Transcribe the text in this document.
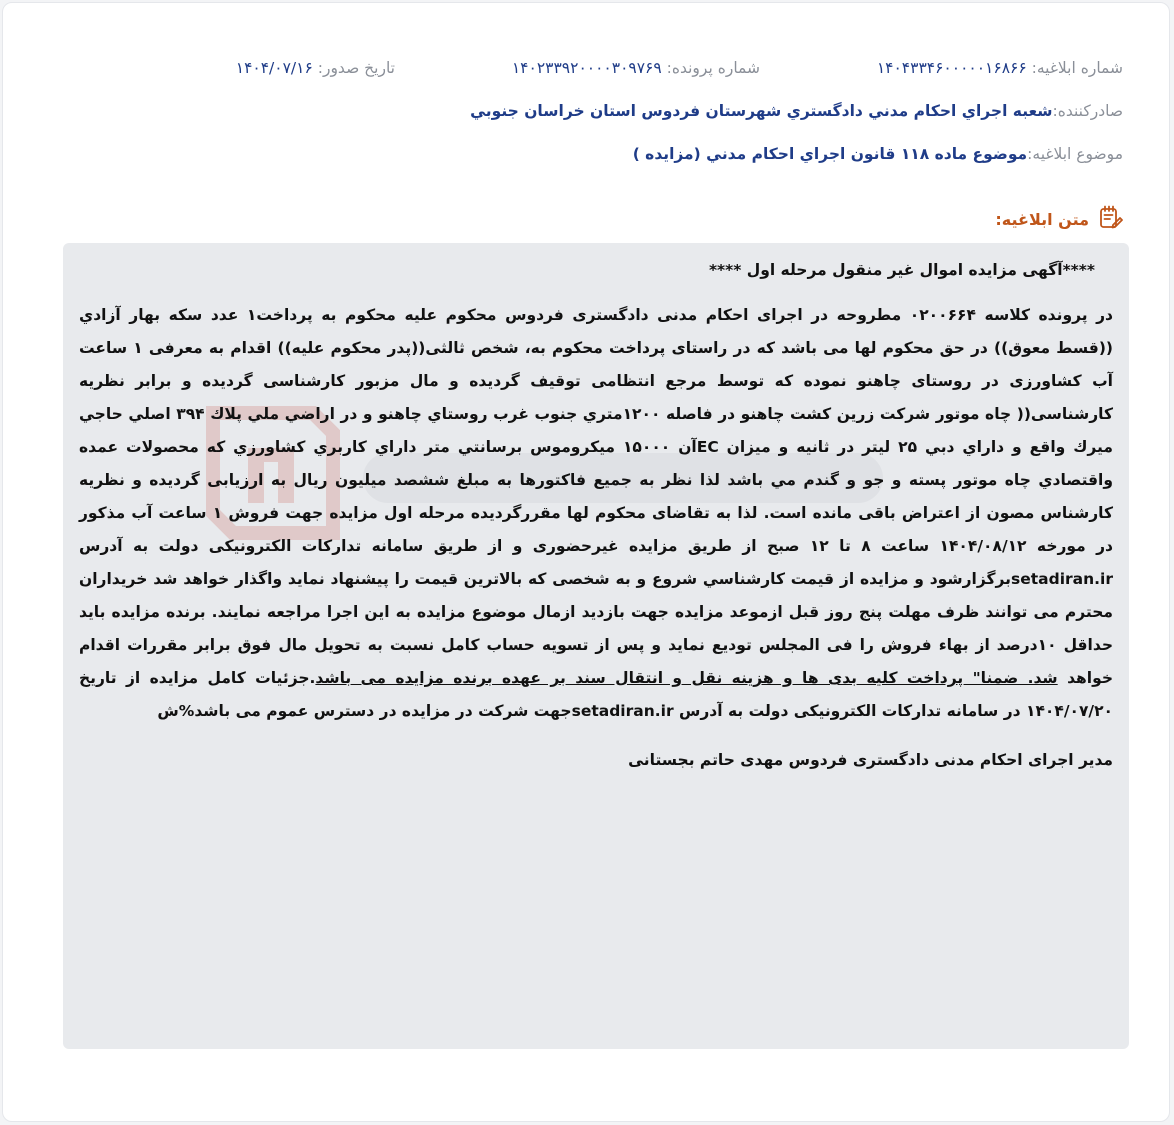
شماره ابلاغیه: ۱۴۰۴۳۳۴۶۰۰۰۰۰۱۶۸۶۶
شماره پرونده: ۱۴۰۲۳۳۹۲۰۰۰۰۳۰۹۷۶۹
تاریخ صدور: ۱۴۰۴/۰۷/۱۶
صادرکننده:
شعبه اجراي احکام مدني دادگستري شهرستان فردوس استان خراسان جنوبي
موضوع ابلاغیه:
موضوع ماده ۱۱۸ قانون اجراي احکام مدني (مزايده )
متن ابلاغیه:
****آگهی مزایده اموال غیر منقول مرحله اول ****

در پرونده کلاسه ۰۲۰۰۶۶۴ مطروحه در اجرای احکام مدنی دادگستری فردوس محکوم علیه محکوم به پرداخت۱ عدد سکه بهار آزادي ((قسط معوق)) در حق محکوم لها می باشد که در راستای پرداخت محکوم به، شخص ثالثی((پدر محکوم علیه)) اقدام به معرفی ۱ ساعت آب کشاورزی در روستای چاهنو نموده که توسط مرجع انتظامی توقیف گردیده و مال مزبور کارشناسی گردیده و برابر نظریه کارشناسی(( چاه موتور شرکت زرين كشت چاهنو در فاصله ۱۲۰۰متري جنوب غرب روستاي چاهنو و در اراضي ملي پلاك ۳۹۴ اصلي حاجي ميرك واقع و داراي دبي ۲۵ ليتر در ثانيه و ميزان ECآن ۱۵۰۰۰ ميكروموس برسانتي متر داراي كاربري كشاورزي كه محصولات عمده واقتصادي چاه موتور پسته و جو و گندم مي باشد لذا نظر به جمیع فاکتورها به مبلغ ششصد میلیون ریال به ارزیابی گردیده و نظریه کارشناس مصون از اعتراض باقی مانده است. لذا به تقاضای محکوم لها مقررگردیده مرحله اول مزایده جهت فروش ۱ ساعت آب مذکور در مورخه ۱۴۰۴/۰۸/۱۲ ساعت ۸ تا ۱۲ صبح از طریق مزایده غیرحضوری و از طریق سامانه تدارکات الکترونیکی دولت به آدرس setadiran.irبرگزارشود و مزایده از قیمت کارشناسي شروع و به شخصی که بالاترین قیمت را پیشنهاد نماید واگذار خواهد شد خریداران محترم می توانند ظرف مهلت پنج روز قبل ازموعد مزایده جهت بازدید ازمال موضوع مزایده به این اجرا مراجعه نمایند. برنده مزایده باید حداقل ۱۰درصد از بهاء فروش را فی المجلس تودیع نماید و پس از تسویه حساب کامل نسبت به تحویل مال فوق برابر مقررات اقدام خواهد شد. ضمنا" پرداخت کلیه بدی ها و هزینه نقل و انتقال سند بر عهده برنده مزایده می باشد.جزئیات کامل مزایده از تاریخ ۱۴۰۴/۰۷/۲۰ در سامانه تدارکات الکترونیکی دولت به آدرس setadiran.irجهت شرکت در مزایده در دسترس عموم می باشد%ش

مدیر اجرای احکام مدنی دادگستری فردوس مهدی حاتم بجستانی
